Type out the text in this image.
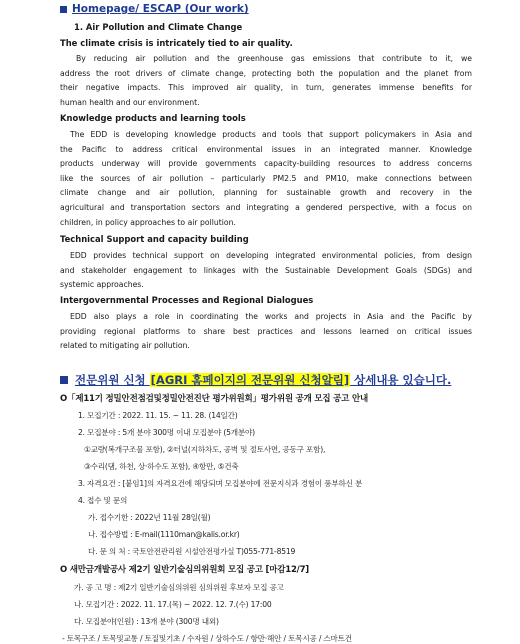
Homepage/ ESCAP (Our work)
1. Air Pollution and Climate Change
The climate crisis is intricately tied to air quality.
By reducing air pollution and the greenhouse gas emissions that contribute to it, we
address the root drivers of climate change, protecting both the population and the planet from
their negative impacts. This improved air quality, in turn, generates immense benefits for
human health and our environment.
Knowledge products and learning tools
The EDD is developing knowledge products and tools that support policymakers in Asia and
the Pacific to address critical environmental issues in an integrated manner. Knowledge
products underway will provide governments capacity-building resources to address concerns
like the sources of air pollution – particularly PM2.5 and PM10, make connections between
climate change and air pollution, planning for sustainable growth and recovery in the
agricultural and transportation sectors and integrating a gendered perspective, with a focus on
children, in policy approaches to air pollution.
Technical Support and capacity building
EDD provides technical support on developing integrated environmental policies, from design
and stakeholder engagement to linkages with the Sustainable Development Goals (SDGs) and
systemic approaches.
Intergovernmental Processes and Regional Dialogues
EDD also plays a role in coordinating the works and projects in Asia and the Pacific by
providing regional platforms to share best practices and lessons learned on critical issues
related to mitigating air pollution.
전문위원 신청 [AGRI 홈페이지의 전문위원 신청알림] 상세내용 있습니다.
O「제11기 정밀안전점검및정밀안전진단 평가위원회」평가위원 공개 모집 공고 안내
1. 모집기간 : 2022. 11. 15. ~ 11. 28. (14일간)
2. 모집분야 : 5개 분야 300명 이내 모집분야 (5개분야)
①교량(복개구조물 포함), ②터널(지하차도, 공벽 및 절토사면, 공동구 포함),
③수리(댐, 하천, 상·하수도 포함), ④항만, ⑤건축
3. 자격요건 : [붙임1]의 자격요건에 해당되며 모집분야에 전문지식과 경험이 풍부하신 분
4. 접수 및 문의
가. 접수기한 : 2022년 11월 28일(월)
나. 접수방법 : E-mail(1110man@kalis.or.kr)
다. 문 의 처 : 국토안전관리원 시설안전평가실 T)055-771-8519
O 새만금개발공사 제2기 일반기술심의위원회 모집 공고 [마감12/7]
가. 공 고 명 : 제2기 일반기술심의위원 심의위원 후보자 모집 공고
나. 모집기간 : 2022. 11. 17.(목) ~ 2022. 12. 7.(수) 17:00
다. 모집분야(인원) : 13개 분야 (300명 내외)
- 토목구조 / 토목및교통 / 토질및기초 / 수자원 / 상하수도 / 항만·해안 / 토목시공 / 스마트건
